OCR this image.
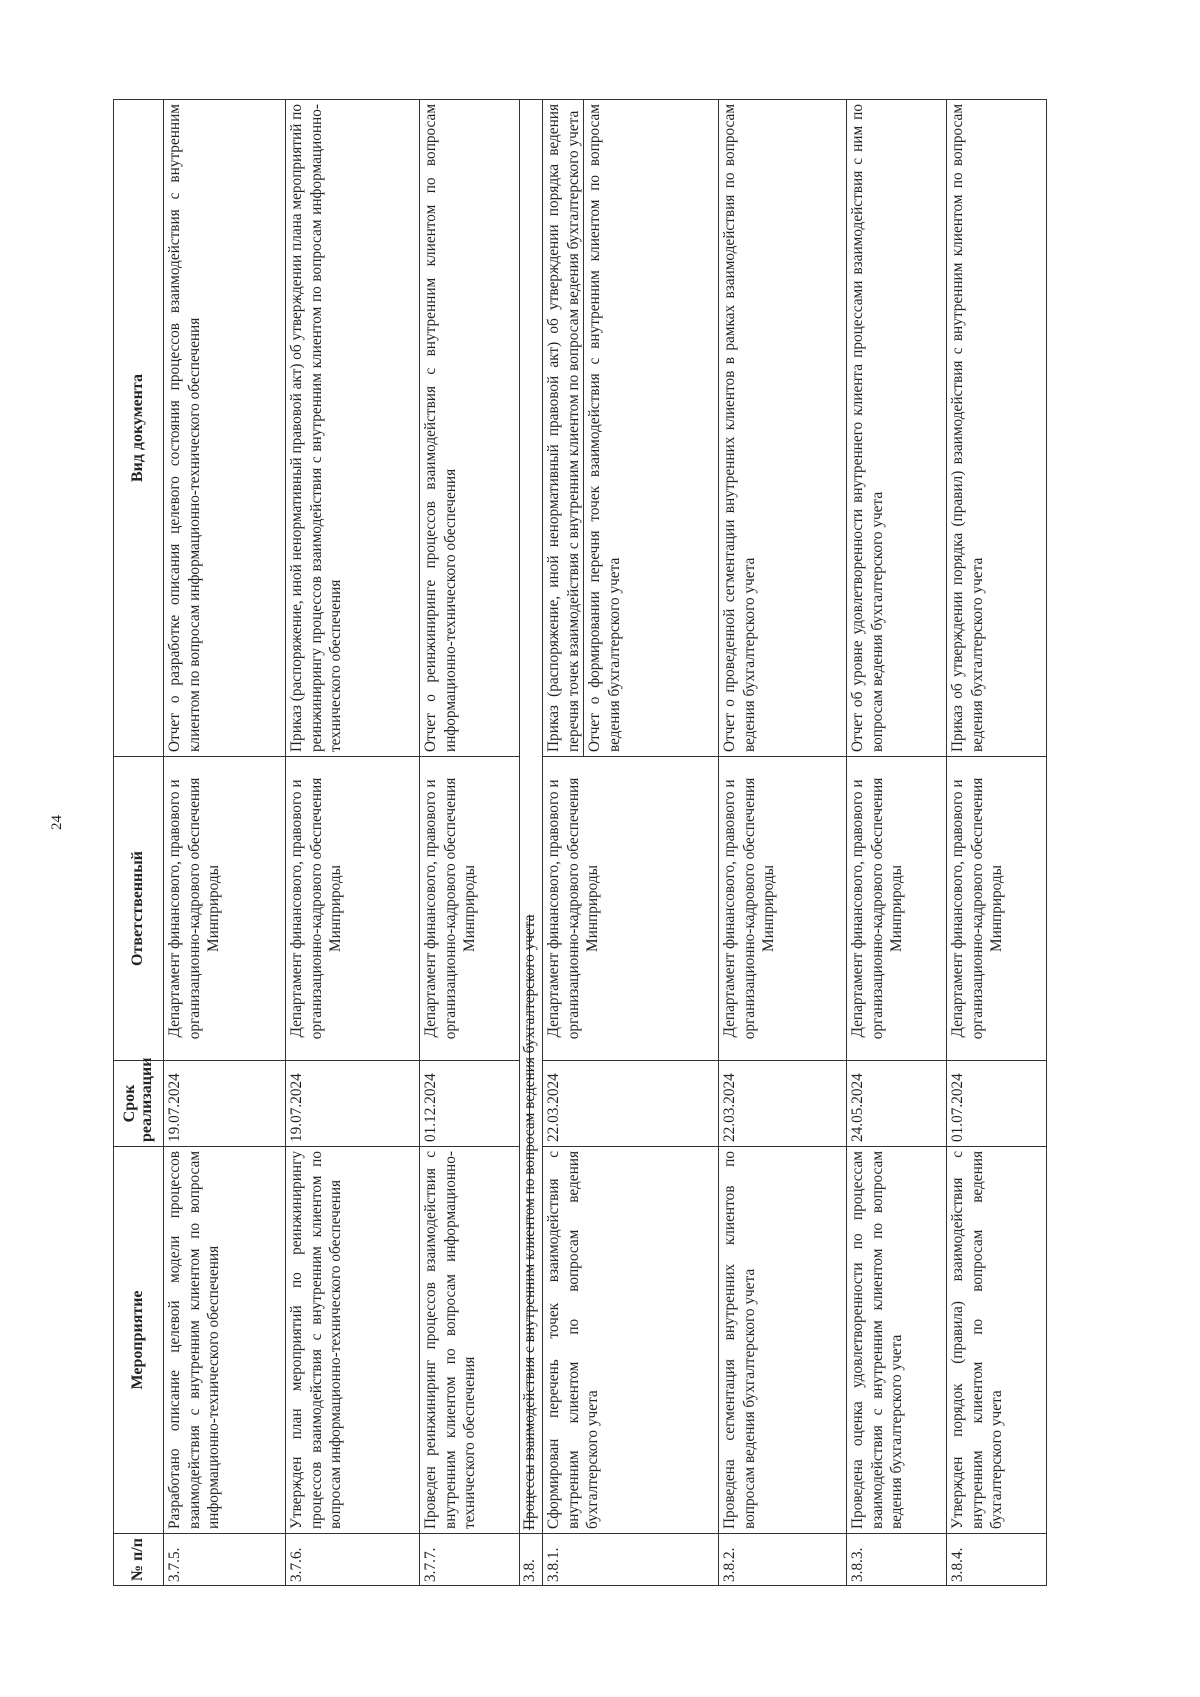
24
№ п/п	Мероприятие	Срок реализации	Ответственный	Вид документа
3.7.5.	Разработано описание целевой модели процессов взаимодействия с внутренним клиентом по вопросам информационно-технического обеспечения	19.07.2024	Департамент финансового, правового и организационно-кадрового обеспечения Минприроды	Отчет о разработке описания целевого состояния процессов взаимодействия с внутренним клиентом по вопросам информационно-технического обеспечения
3.7.6.	Утвержден план мероприятий по реинжинирингу процессов взаимодействия с внутренним клиентом по вопросам информационно-технического обеспечения	19.07.2024	Департамент финансового, правового и организационно-кадрового обеспечения Минприроды	Приказ (распоряжение, иной ненормативный правовой акт) об утверждении плана мероприятий по реинжинирингу процессов взаимодействия с внутренним клиентом по вопросам информационно-технического обеспечения
3.7.7.	Проведен реинжиниринг процессов взаимодействия с внутренним клиентом по вопросам информационно-технического обеспечения	01.12.2024	Департамент финансового, правового и организационно-кадрового обеспечения Минприроды	Отчет о реинжиниринге процессов взаимодействия с внутренним клиентом по вопросам информационно-технического обеспечения
3.8.	Процессы взаимодействия с внутренним клиентом по вопросам ведения бухгалтерского учета			
3.8.1.	Сформирован перечень точек взаимодействия с внутренним клиентом по вопросам ведения бухгалтерского учета	22.03.2024	Департамент финансового, правового и организационно-кадрового обеспечения Минприроды	Приказ (распоряжение, иной ненормативный правовой акт) об утверждении порядка ведения перечня точек взаимодействия с внутренним клиентом по вопросам ведения бухгалтерского учета Отчет о формировании перечня точек взаимодействия с внутренним клиентом по вопросам ведения бухгалтерского учета

3.8.2.	Проведена сегментация внутренних клиентов по вопросам ведения бухгалтерского учета	22.03.2024	Департамент финансового, правового и организационно-кадрового обеспечения Минприроды	Отчет о проведенной сегментации внутренних клиентов в рамках взаимодействия по вопросам ведения бухгалтерского учета
3.8.3.	Проведена оценка удовлетворенности по процессам взаимодействия с внутренним клиентом по вопросам ведения бухгалтерского учета	24.05.2024	Департамент финансового, правового и организационно-кадрового обеспечения Минприроды	Отчет об уровне удовлетворенности внутреннего клиента процессами взаимодействия с ним по вопросам ведения бухгалтерского учета
3.8.4.	Утвержден порядок (правила) взаимодействия с внутренним клиентом по вопросам ведения бухгалтерского учета	01.07.2024	Департамент финансового, правового и организационно-кадрового обеспечения Минприроды	Приказ об утверждении порядка (правил) взаимодействия с внутренним клиентом по вопросам ведения бухгалтерского учета
